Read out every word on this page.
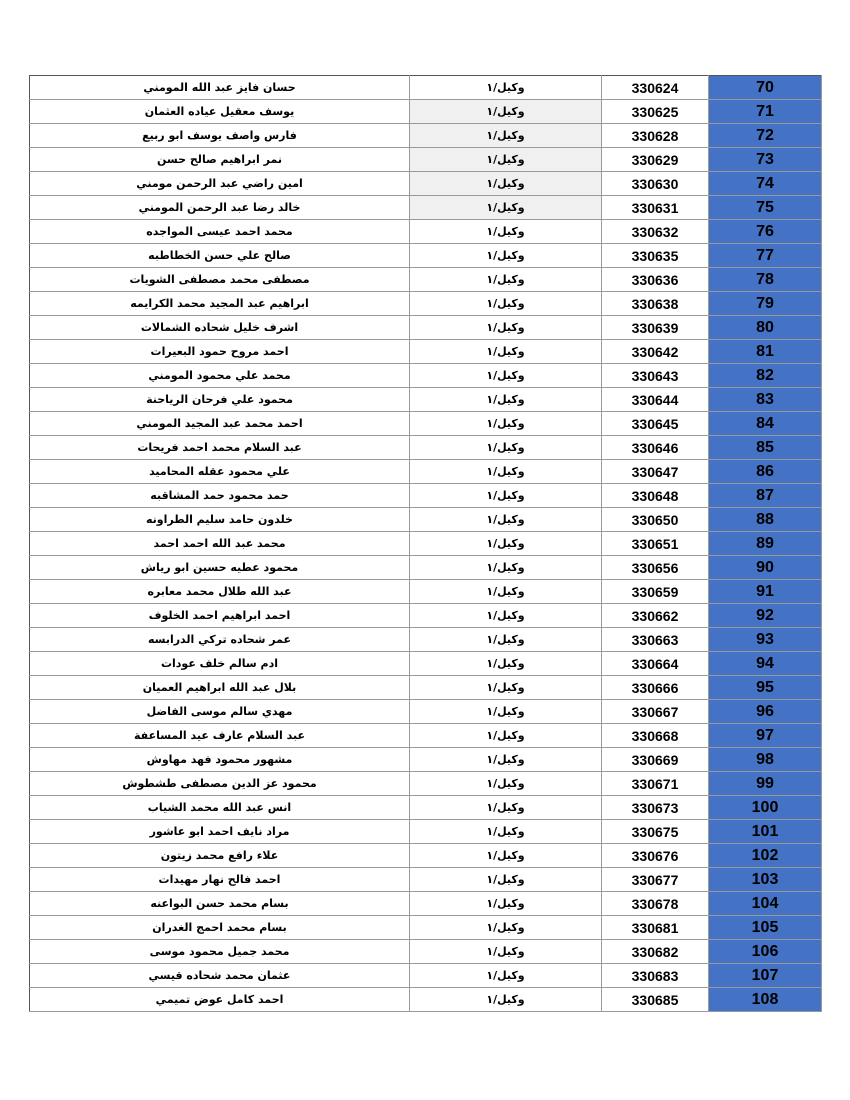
حسان فايز عبد الله المومني	وكيل/١	330624	70
يوسف معقيل عياده العثمان	وكيل/١	330625	71
فارس واصف يوسف ابو ربيع	وكيل/١	330628	72
نمر ابراهيم صالح حسن	وكيل/١	330629	73
امين راضي عبد الرحمن مومني	وكيل/١	330630	74
خالد رضا عبد الرحمن المومني	وكيل/١	330631	75
محمد احمد عيسى المواجده	وكيل/١	330632	76
صالح علي حسن الخطاطبه	وكيل/١	330635	77
مصطفى محمد مصطفى الشويات	وكيل/١	330636	78
ابراهيم عبد المجيد محمد الكرايمه	وكيل/١	330638	79
اشرف خليل شحاده الشمالات	وكيل/١	330639	80
احمد مروح حمود البعيرات	وكيل/١	330642	81
محمد علي محمود المومني	وكيل/١	330643	82
محمود علي فرحان الرياحنة	وكيل/١	330644	83
احمد محمد عبد المجيد المومني	وكيل/١	330645	84
عبد السلام محمد احمد فريحات	وكيل/١	330646	85
علي محمود عقله المحاميد	وكيل/١	330647	86
حمد محمود حمد المشاقبه	وكيل/١	330648	87
خلدون حامد سليم الطراونه	وكيل/١	330650	88
محمد عبد الله احمد احمد	وكيل/١	330651	89
محمود عطيه حسين ابو رياش	وكيل/١	330656	90
عبد الله طلال محمد معابره	وكيل/١	330659	91
احمد ابراهيم احمد الخلوف	وكيل/١	330662	92
عمر شحاده تركي الدرابسه	وكيل/١	330663	93
ادم سالم خلف عودات	وكيل/١	330664	94
بلال عبد الله ابراهيم العميان	وكيل/١	330666	95
مهدي سالم موسى الفاضل	وكيل/١	330667	96
عبد السلام عارف عيد المساعفة	وكيل/١	330668	97
مشهور محمود فهد مهاوش	وكيل/١	330669	98
محمود عز الدين مصطفى طشطوش	وكيل/١	330671	99
انس عبد الله محمد الشياب	وكيل/١	330673	100
مراد نايف احمد ابو عاشور	وكيل/١	330675	101
علاء رافع محمد زيتون	وكيل/١	330676	102
احمد فالح نهار مهيدات	وكيل/١	330677	103
بسام محمد حسن البواعنه	وكيل/١	330678	104
بسام محمد احمج الغدران	وكيل/١	330681	105
محمد جميل محمود موسى	وكيل/١	330682	106
عثمان محمد شحاده قيسي	وكيل/١	330683	107
احمد كامل عوض تميمي	وكيل/١	330685	108
